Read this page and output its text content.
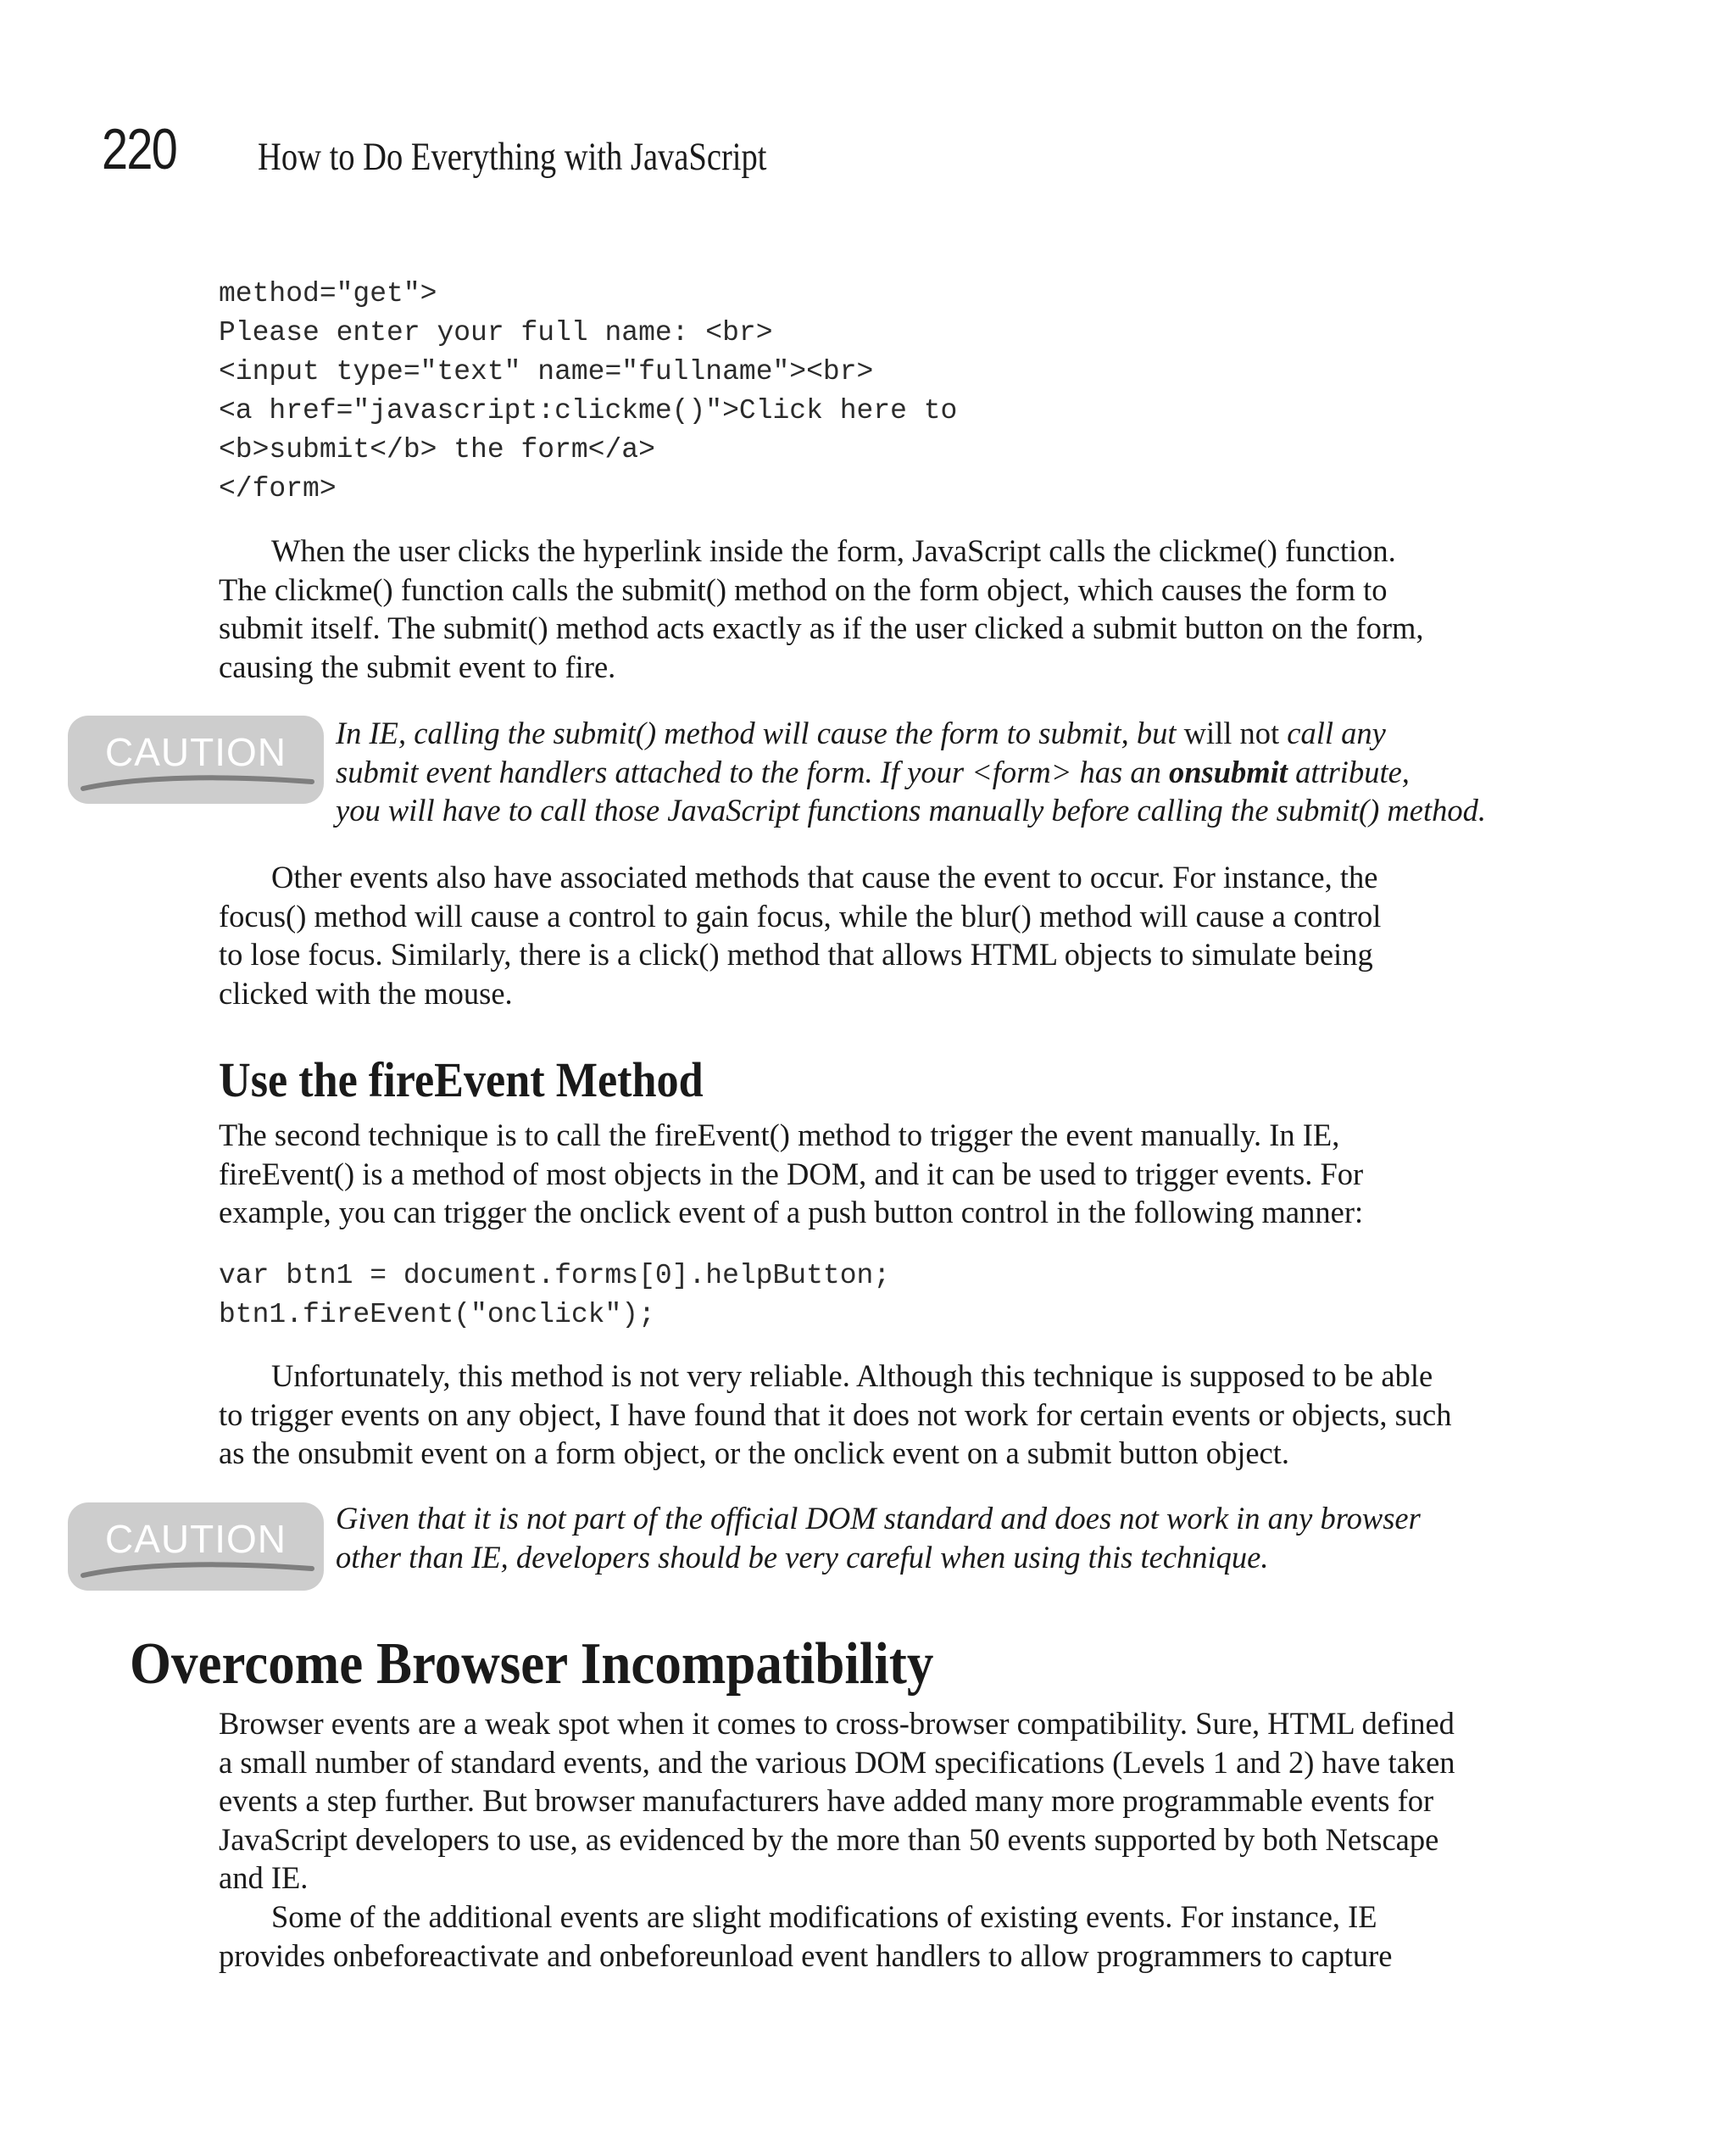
220 How to Do Everything with JavaScript
method="get">
Please enter your full name: <br>
<input type="text" name="fullname"><br>
<a href="javascript:clickme()">Click here to
<b>submit</b> the form</a>
</form>
When the user clicks the hyperlink inside the form, JavaScript calls the clickme() function.
The clickme() function calls the submit() method on the form object, which causes the form to
submit itself. The submit() method acts exactly as if the user clicked a submit button on the form,
causing the submit event to fire.
CAUTION	In IE, calling the submit() method will cause the form to submit, but will not call any
submit event handlers attached to the form. If your <form> has an onsubmit attribute,
you will have to call those JavaScript functions manually before calling the submit() method.
Other events also have associated methods that cause the event to occur. For instance, the
focus() method will cause a control to gain focus, while the blur() method will cause a control
to lose focus. Similarly, there is a click() method that allows HTML objects to simulate being
clicked with the mouse.
Use the fireEvent Method
The second technique is to call the fireEvent() method to trigger the event manually. In IE,
fireEvent() is a method of most objects in the DOM, and it can be used to trigger events. For
example, you can trigger the onclick event of a push button control in the following manner:
var btn1 = document.forms[0].helpButton;
btn1.fireEvent("onclick");
Unfortunately, this method is not very reliable. Although this technique is supposed to be able
to trigger events on any object, I have found that it does not work for certain events or objects, such
as the onsubmit event on a form object, or the onclick event on a submit button object.
CAUTION	Given that it is not part of the official DOM standard and does not work in any browser
other than IE, developers should be very careful when using this technique.
Overcome Browser Incompatibility
Browser events are a weak spot when it comes to cross-browser compatibility. Sure, HTML defined
a small number of standard events, and the various DOM specifications (Levels 1 and 2) have taken
events a step further. But browser manufacturers have added many more programmable events for
JavaScript developers to use, as evidenced by the more than 50 events supported by both Netscape
and IE.
Some of the additional events are slight modifications of existing events. For instance, IE
provides onbeforeactivate and onbeforeunload event handlers to allow programmers to capture
